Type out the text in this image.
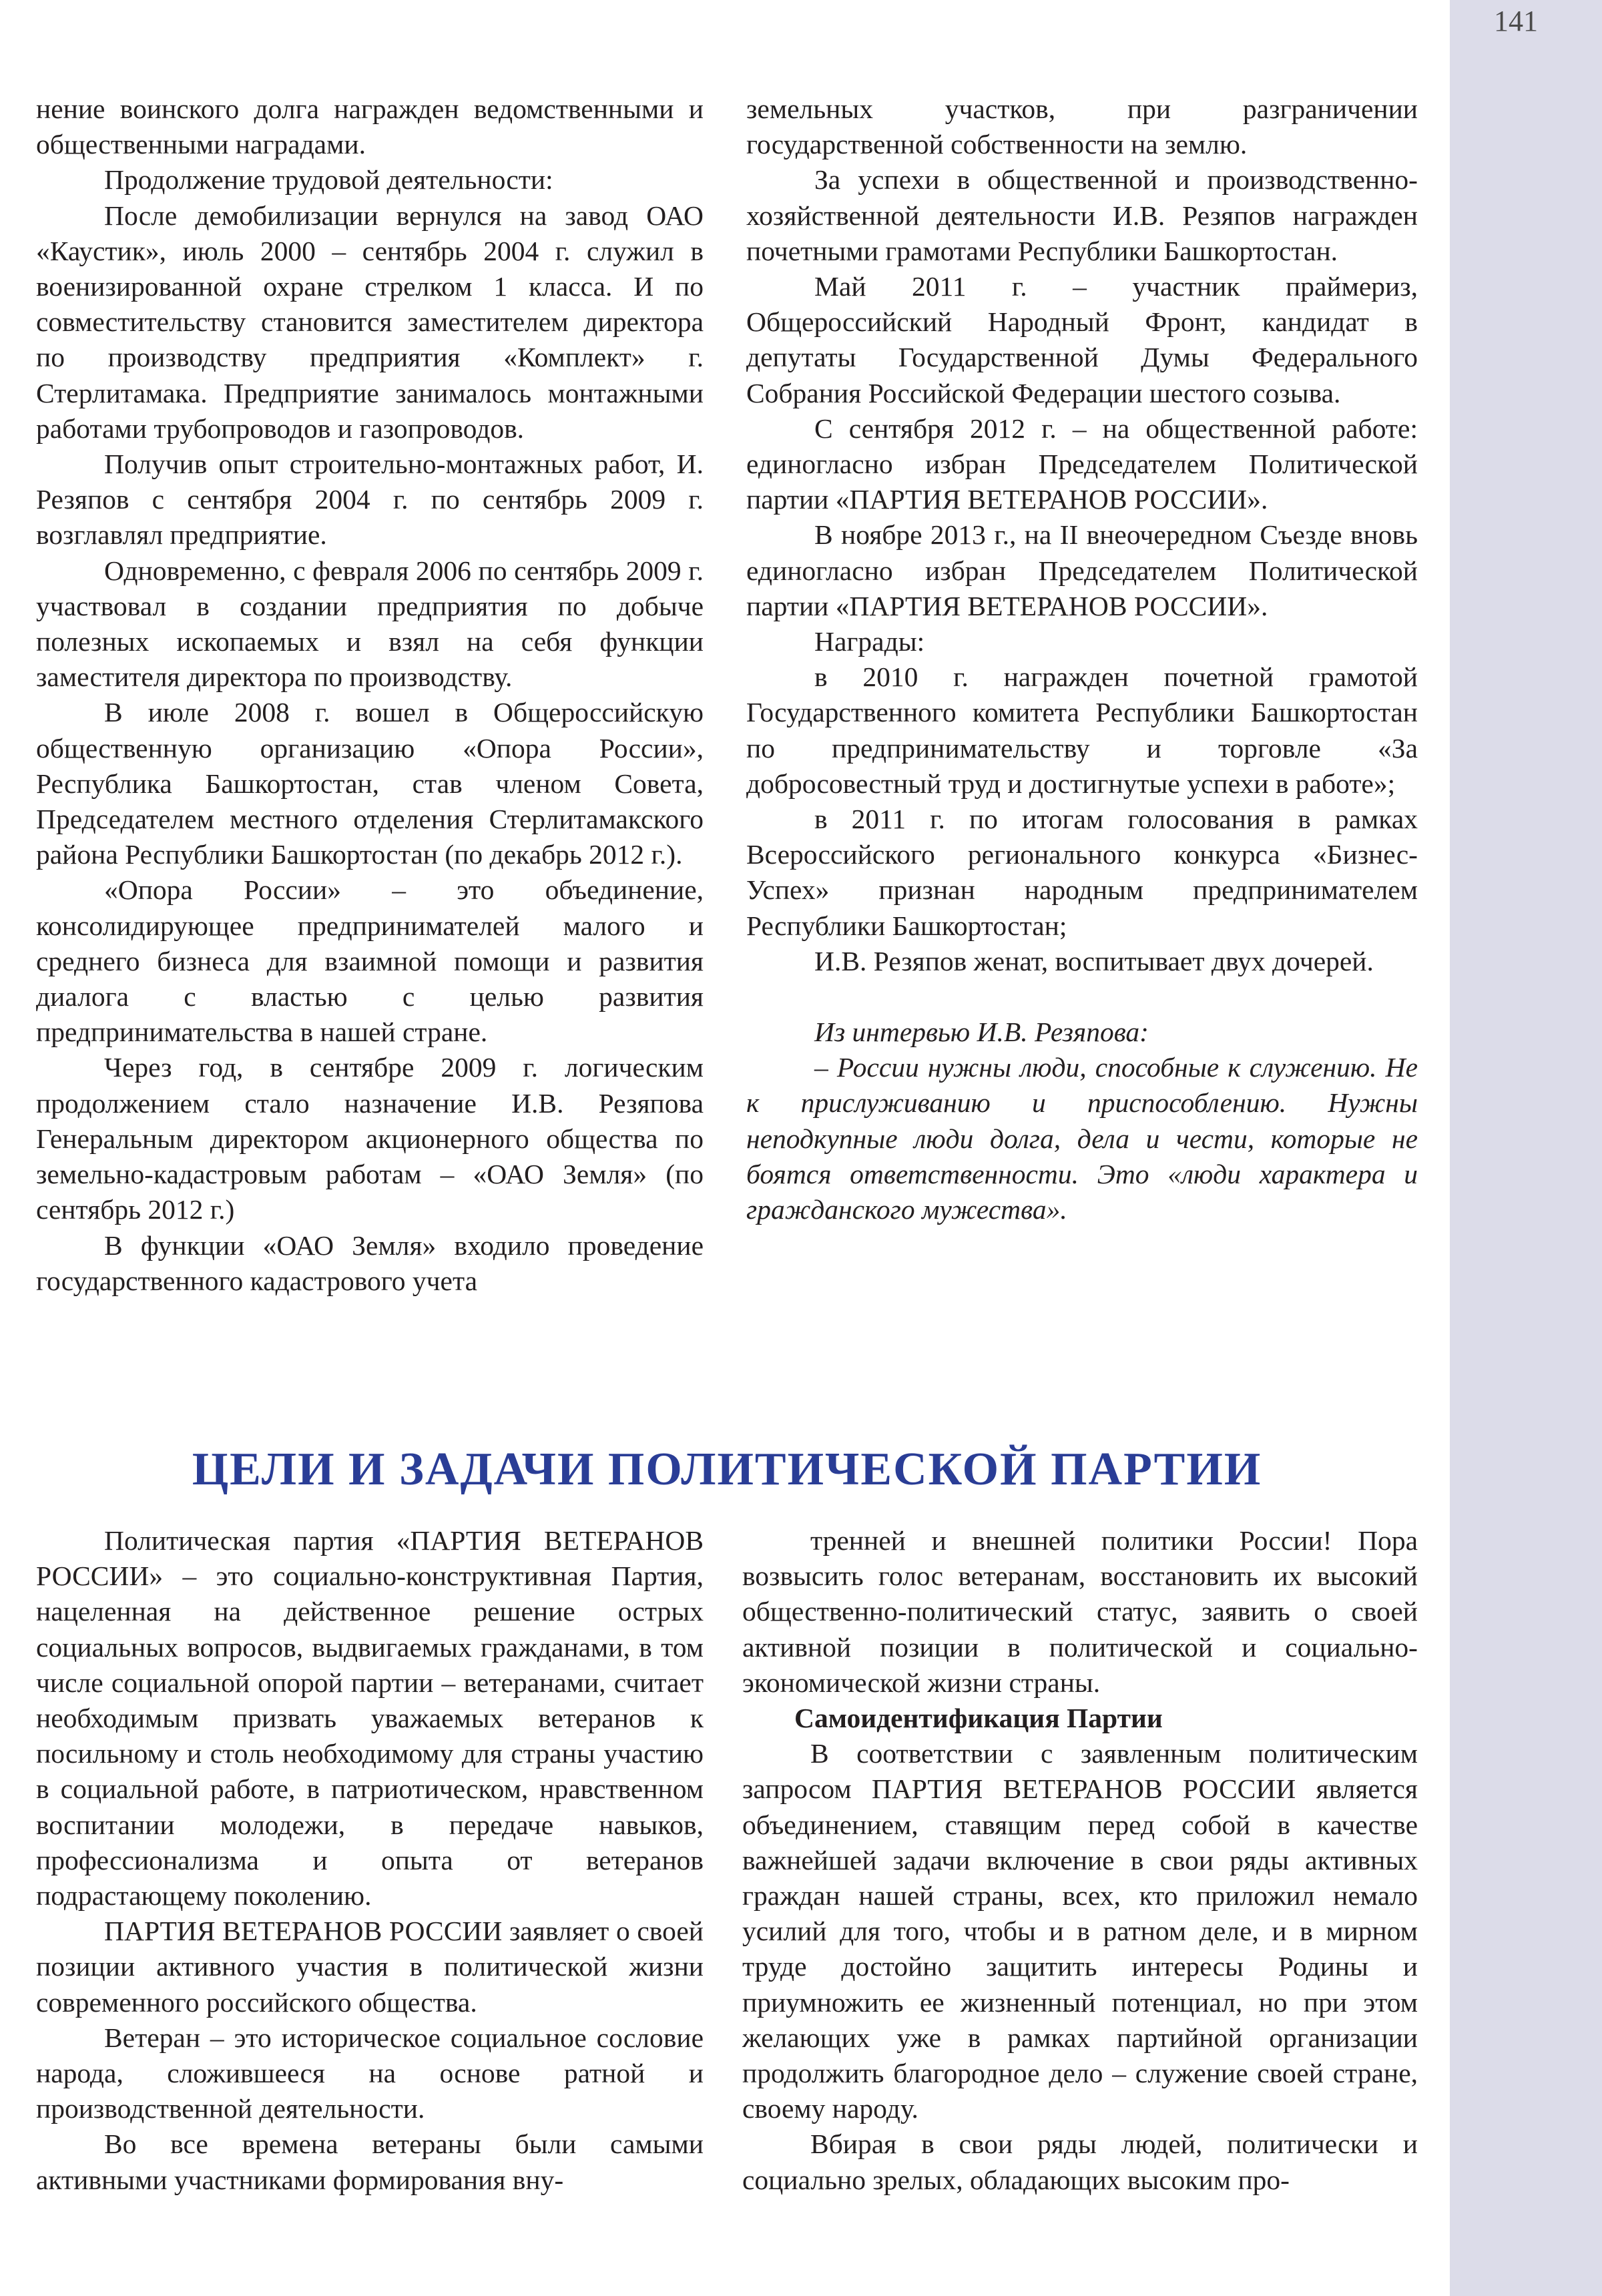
141

нение воинского долга награжден ведомственными и общественными наградами.

Продолжение трудовой деятельности:

После демобилизации вернулся на завод ОАО «Каустик», июль 2000 – сентябрь 2004 г. служил в военизированной охране стрелком 1 класса. И по совместительству становится заместителем директора по производству предприятия «Комплект» г. Стерлитамака. Предприятие занималось монтажными работами трубопроводов и газопроводов.

Получив опыт строительно-монтажных работ, И. Резяпов с сентября 2004 г. по сентябрь 2009 г. возглавлял предприятие.

Одновременно, с февраля 2006 по сентябрь 2009 г. участвовал в создании предприятия по добыче полезных ископаемых и взял на себя функции заместителя директора по производству.

В июле 2008 г. вошел в Общероссийскую общественную организацию «Опора России», Республика Башкортостан, став членом Совета, Председателем местного отделения Стерлитамакского района Республики Башкортостан (по декабрь 2012 г.).

«Опора России» – это объединение, консолидирующее предпринимателей малого и среднего бизнеса для взаимной помощи и развития диалога с властью с целью развития предпринимательства в нашей стране.

Через год, в сентябре 2009 г. логическим продолжением стало назначение И.В. Резяпова Генеральным директором акционерного общества по земельно-кадастровым работам – «ОАО Земля» (по сентябрь 2012 г.)

В функции «ОАО Земля» входило проведение государственного кадастрового учета

земельных участков, при разграничении государственной собственности на землю.

За успехи в общественной и производственно-хозяйственной деятельности И.В. Резяпов награжден почетными грамотами Республики Башкортостан.

Май 2011 г. – участник праймериз, Общероссийский Народный Фронт, кандидат в депутаты Государственной Думы Федерального Собрания Российской Федерации шестого созыва.

С сентября 2012 г. – на общественной работе: единогласно избран Председателем Политической партии «ПАРТИЯ ВЕТЕРАНОВ РОССИИ».

В ноябре 2013 г., на II внеочередном Съезде вновь единогласно избран Председателем Политической партии «ПАРТИЯ ВЕТЕРАНОВ РОССИИ».

Награды:

в 2010 г. награжден почетной грамотой Государственного комитета Республики Башкортостан по предпринимательству и торговле «За добросовестный труд и достигнутые успехи в работе»;

в 2011 г. по итогам голосования в рамках Всероссийского регионального конкурса «Бизнес-Успех» признан народным предпринимателем Республики Башкортостан;

И.В. Резяпов женат, воспитывает двух дочерей.

Из интервью И.В. Резяпова:

– России нужны люди, способные к служению. Не к прислуживанию и приспособлению. Нужны неподкупные люди долга, дела и чести, которые не боятся ответственности. Это «люди характера и гражданского мужества».

ЦЕЛИ И ЗАДАЧИ ПОЛИТИЧЕСКОЙ ПАРТИИ

Политическая партия «ПАРТИЯ ВЕТЕРАНОВ РОССИИ» – это социально-конструктивная Партия, нацеленная на действенное решение острых социальных вопросов, выдвигаемых гражданами, в том числе социальной опорой партии – ветеранами, считает необходимым призвать уважаемых ветеранов к посильному и столь необходимому для страны участию в социальной работе, в патриотическом, нравственном воспитании молодежи, в передаче навыков, профессионализма и опыта от ветеранов подрастающему поколению.

ПАРТИЯ ВЕТЕРАНОВ РОССИИ заявляет о своей позиции активного участия в политической жизни современного российского общества.

Ветеран – это историческое социальное сословие народа, сложившееся на основе ратной и производственной деятельности.

Во все времена ветераны были самыми активными участниками формирования вну-

тренней и внешней политики России! Пора возвысить голос ветеранам, восстановить их высокий общественно-политический статус, заявить о своей активной позиции в политической и социально-экономической жизни страны.

Самоидентификация Партии

В соответствии с заявленным политическим запросом ПАРТИЯ ВЕТЕРАНОВ РОССИИ является объединением, ставящим перед собой в качестве важнейшей задачи включение в свои ряды активных граждан нашей страны, всех, кто приложил немало усилий для того, чтобы и в ратном деле, и в мирном труде достойно защитить интересы Родины и приумножить ее жизненный потенциал, но при этом желающих уже в рамках партийной организации продолжить благородное дело – служение своей стране, своему народу.

Вбирая в свои ряды людей, политически и социально зрелых, обладающих высоким про-
